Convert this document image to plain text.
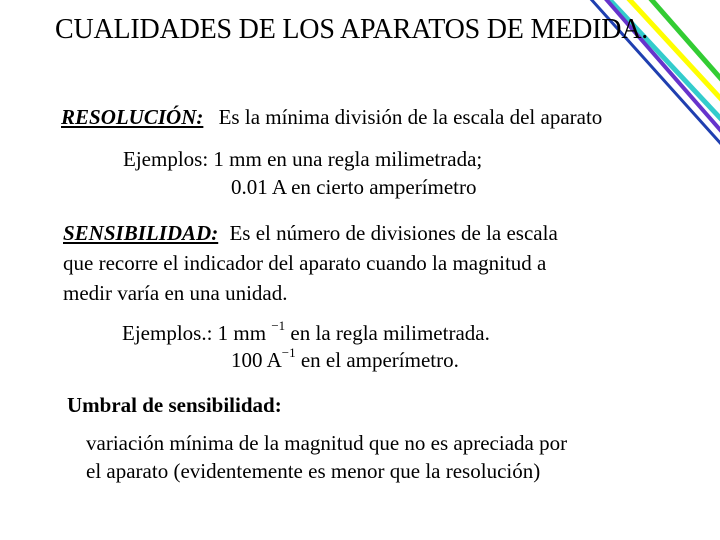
CUALIDADES DE LOS APARATOS DE MEDIDA.
RESOLUCIÓN: Es la mínima división de la escala del aparato
Ejemplos: 1 mm en una regla milimetrada;
0.01 A en cierto amperímetro
SENSIBILIDAD: Es el número de divisiones de la escala
que recorre el indicador del aparato cuando la magnitud a
medir varía en una unidad.
Ejemplos.: 1 mm $^{-1}$ en la regla milimetrada.
100 $A^{-1}$ en el amperímetro.
Umbral de sensibilidad:
variación mínima de la magnitud que no es apreciada por
el aparato (evidentemente es menor que la resolución)
